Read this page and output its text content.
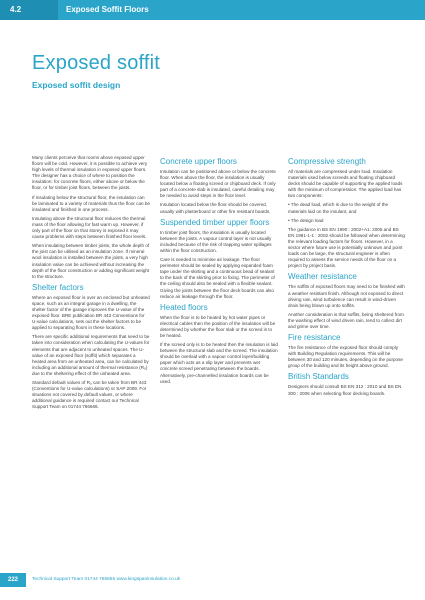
4.2	Exposed Soffit Floors
Exposed soffit
Exposed soffit design

Many clients perceive that rooms above exposed upper floors will be cold. However, it is possible to achieve very high levels of thermal insulation in exposed upper floors. The designer has a choice of where to position the insulation: for concrete floors, either above or below the floor, or for timber joist floors, between the joists.

If insulating below the structural floor, the insulation can be laminated to a variety of materials thus the floor can be insulated and finished in one process.

Insulating above the structural floor reduces the thermal mass of the floor allowing for fast warm up. However, if only part of the floor on that storey is exposed it may cause problems with steps between finished floor levels.

When insulating between timber joists, the whole depth of the joist can be utilised as an insulation zone. If mineral wool insulation is installed between the joists, a very high insulation value can be achieved without increasing the depth of the floor construction or adding significant weight to the structure.

Shelter factors

Where an exposed floor is over an enclosed but unheated space, such as an integral garage in a dwelling, the shelter factor of the garage improves the U-value of the exposed floor. BRE publication BR 443 Conventions for U-value calculations, sets out the shelter factors to be applied to separating floors in these locations.

There are specific additional requirements that need to be taken into consideration when calculating the U-values for elements that are adjacent to unheated spaces. The U-value of an exposed floor (soffit) which separates a heated area from an unheated area, can be calculated by including an additional amount of thermal resistance (Rᵤ) due to the sheltering effect of the unheated area.

Standard default values of Rᵤ can be taken from BR 443 (Conventions for U-value calculations) or SAP 2009. For situations not covered by default values, or where additional guidance is required contact our Technical Support Team on 01744 766666.

Concrete upper floors

Insulation can be positioned above or below the concrete floor. When above the floor, the insulation is usually located below a floating screed or chipboard deck. If only part of a concrete slab is insulated, careful detailing may be needed to avoid steps in the floor level.

Insulation located below the floor should be covered, usually with plasterboard or other fire resistant boards.

Suspended timber upper floors

In timber joist floors, the insulation is usually located between the joists. A vapour control layer is not usually included because of the risk of trapping water spillages within the floor construction.

Care is needed to minimise air leakage. The floor perimeter should be sealed by applying expanded foam tape under the skirting and a continuous bead of sealant to the back of the skirting prior to fixing. The perimeter of the ceiling should also be sealed with a flexible sealant. Giving the joints between the floor deck boards can also reduce air leakage through the floor.

Heated floors

When the floor is to be heated by hot water pipes or electrical cables then the position of the insulation will be determined by whether the floor slab or the screed is to be heated.

If the screed only is to be heated then the insulation is laid between the structural slab and the screed. The insulation should be overlaid with a vapour control layer/building paper which acts as a slip layer and prevents wet concrete screed penetrating between the boards. Alternatively, pre-channelled insulation boards can be used.

Compressive strength

All materials are compressed under load. Insulation materials used below screeds and floating chipboard decks should be capable of supporting the applied loads with the minimum of compression. The applied load has two components:

• The dead load, which is due to the weight of the materials laid on the insulant, and

• The design load

The guidance in BS EN 1990 : 2002+A1: 2005 and BS EN 1991-1-1 : 2002 should be followed when determining the relevant loading factors for floors. However, in a sector where future use is potentially unknown and point loads can be large, the structural engineer is often required to assess the service needs of the floor on a project by project basis.

Weather resistance

The soffits of exposed floors may need to be finished with a weather resistant finish. Although not exposed to direct driving rain, wind turbulence can result in wind-driven drain being blown up onto soffits.

Another consideration is that soffits, being sheltered from the washing effect of wind driven rain, tend to collect dirt and grime over time.

Fire resistance

The fire resistance of the exposed floor should comply with Building Regulation requirements. This will be between 30 and 120 minutes, depending on the purpose group of the building and its height above ground.

British Standards

Designers should consult BS EN 312 : 2010 and BS EN 300 : 2006 when selecting floor decking boards.

222	Technical Support Team 01744 766666 www.kingspaninsulation.co.uk
